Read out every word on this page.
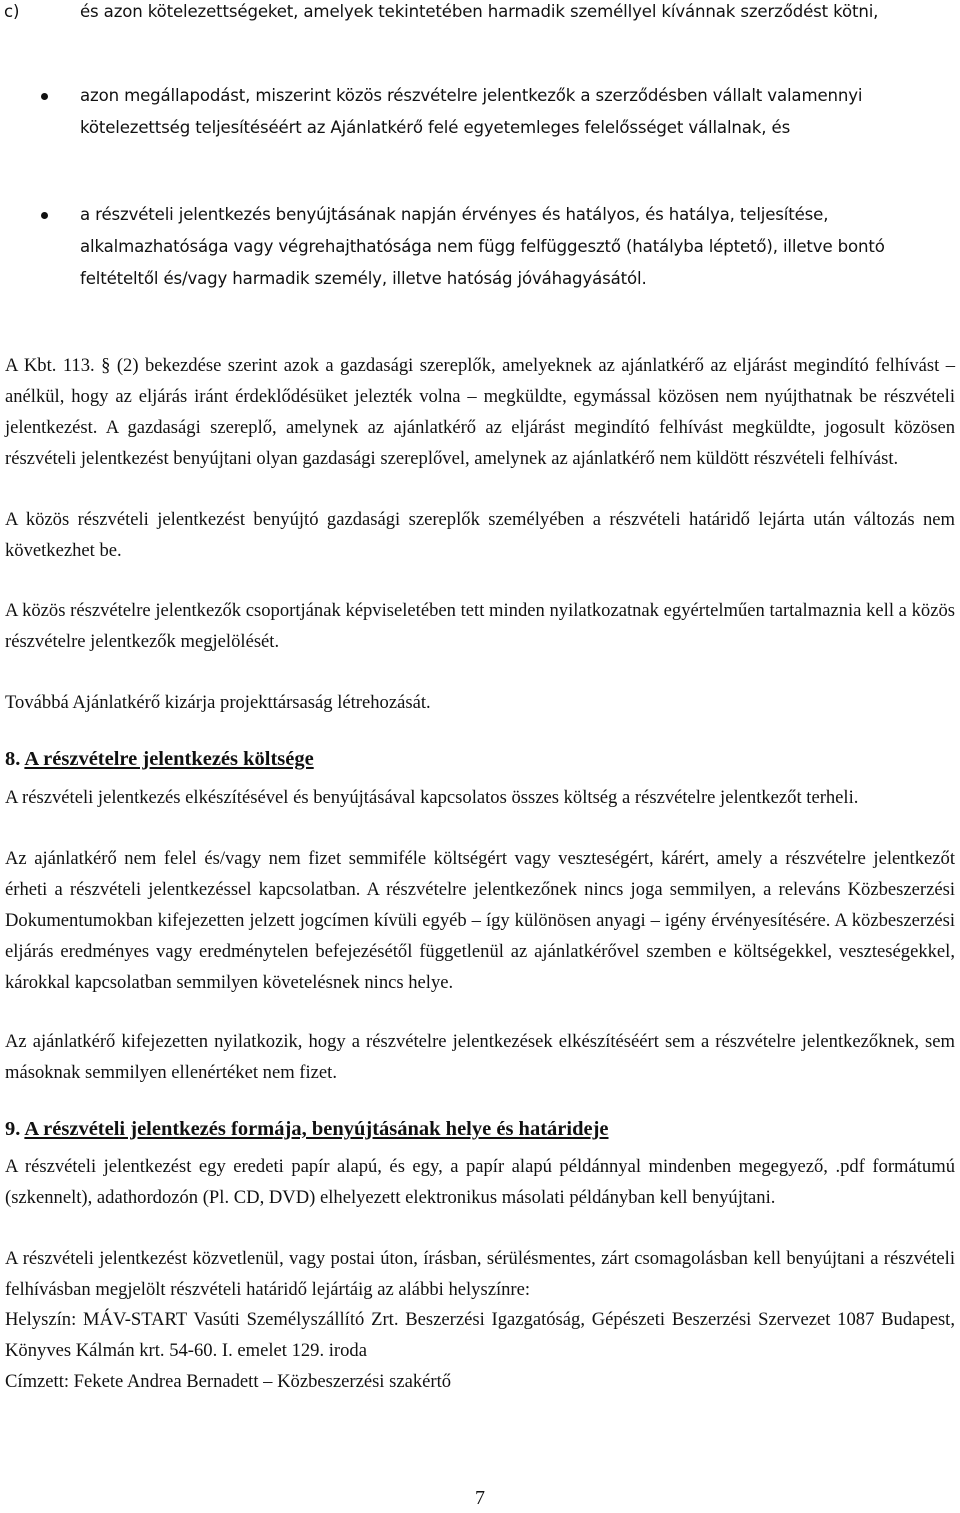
c)	és azon kötelezettségeket, amelyek tekintetében harmadik személlyel kívánnak szerződést kötni,
azon megállapodást, miszerint közös részvételre jelentkezők a szerződésben vállalt valamennyi kötelezettség teljesítéséért az Ajánlatkérő felé egyetemleges felelősséget vállalnak, és
a részvételi jelentkezés benyújtásának napján érvényes és hatályos, és hatálya, teljesítése, alkalmazhatósága vagy végrehajthatósága nem függ felfüggesztő (hatályba léptető), illetve bontó feltételtől és/vagy harmadik személy, illetve hatóság jóváhagyásától.

A Kbt. 113. § (2) bekezdése szerint azok a gazdasági szereplők, amelyeknek az ajánlatkérő az eljárást megindító felhívást – anélkül, hogy az eljárás iránt érdeklődésüket jelezték volna – megküldte, egymással közösen nem nyújthatnak be részvételi jelentkezést. A gazdasági szereplő, amelynek az ajánlatkérő az eljárást megindító felhívást megküldte, jogosult közösen részvételi jelentkezést benyújtani olyan gazdasági szereplővel, amelynek az ajánlatkérő nem küldött részvételi felhívást.

A közös részvételi jelentkezést benyújtó gazdasági szereplők személyében a részvételi határidő lejárta után változás nem következhet be.

A közös részvételre jelentkezők csoportjának képviseletében tett minden nyilatkozatnak egyértelműen tartalmaznia kell a közös részvételre jelentkezők megjelölését.

Továbbá Ajánlatkérő kizárja projekttársaság létrehozását.

8. A részvételre jelentkezés költsége

A részvételi jelentkezés elkészítésével és benyújtásával kapcsolatos összes költség a részvételre jelentkezőt terheli.

Az ajánlatkérő nem felel és/vagy nem fizet semmiféle költségért vagy veszteségért, kárért, amely a részvételre jelentkezőt érheti a részvételi jelentkezéssel kapcsolatban. A részvételre jelentkezőnek nincs joga semmilyen, a releváns Közbeszerzési Dokumentumokban kifejezetten jelzett jogcímen kívüli egyéb – így különösen anyagi – igény érvényesítésére. A közbeszerzési eljárás eredményes vagy eredménytelen befejezésétől függetlenül az ajánlatkérővel szemben e költségekkel, veszteségekkel, károkkal kapcsolatban semmilyen követelésnek nincs helye.

Az ajánlatkérő kifejezetten nyilatkozik, hogy a részvételre jelentkezések elkészítéséért sem a részvételre jelentkezőknek, sem másoknak semmilyen ellenértéket nem fizet.

9. A részvételi jelentkezés formája, benyújtásának helye és határideje

A részvételi jelentkezést egy eredeti papír alapú, és egy, a papír alapú példánnyal mindenben megegyező, .pdf formátumú (szkennelt), adathordozón (Pl. CD, DVD) elhelyezett elektronikus másolati példányban kell benyújtani.

A részvételi jelentkezést közvetlenül, vagy postai úton, írásban, sérülésmentes, zárt csomagolásban kell benyújtani a részvételi felhívásban megjelölt részvételi határidő lejártáig az alábbi helyszínre:

Helyszín: MÁV-START Vasúti Személyszállító Zrt. Beszerzési Igazgatóság, Gépészeti Beszerzési Szervezet 1087 Budapest, Könyves Kálmán krt. 54-60. I. emelet 129. iroda

Címzett: Fekete Andrea Bernadett – Közbeszerzési szakértő

7
